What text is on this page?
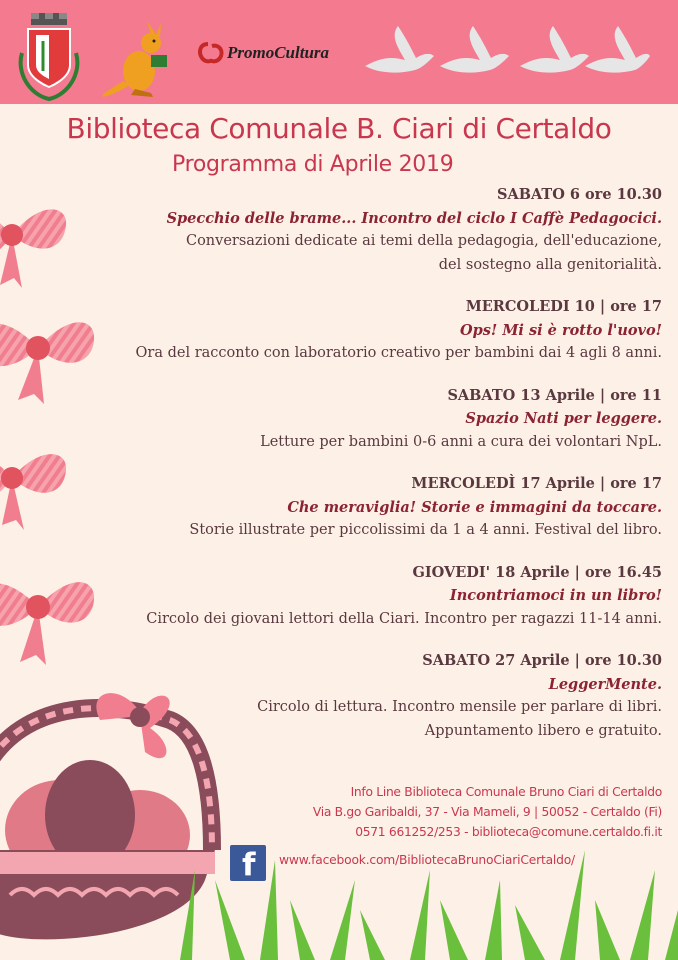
PromoCultura
Biblioteca Comunale B. Ciari di Certaldo
Programma di Aprile 2019
SABATO 6 ore 10.30
Specchio delle brame... Incontro del ciclo I Caffè Pedagocici.
Conversazioni dedicate ai temi della pedagogia, dell'educazione,
del sostegno alla genitorialità.
MERCOLEDI 10 | ore 17
Ops! Mi si è rotto l'uovo!
Ora del racconto con laboratorio creativo per bambini dai 4 agli 8 anni.
SABATO 13 Aprile | ore 11
Spazio Nati per leggere.
Letture per bambini 0-6 anni a cura dei volontari NpL.
MERCOLEDÌ 17 Aprile | ore 17
Che meraviglia! Storie e immagini da toccare.
Storie illustrate per piccolissimi da 1 a 4 anni. Festival del libro.
GIOVEDI' 18 Aprile | ore 16.45
Incontriamoci in un libro!
Circolo dei giovani lettori della Ciari. Incontro per ragazzi 11-14 anni.
SABATO 27 Aprile | ore 10.30
LeggerMente.
Circolo di lettura. Incontro mensile per parlare di libri.
Appuntamento libero e gratuito.
Info Line Biblioteca Comunale Bruno Ciari di Certaldo
Via B.go Garibaldi, 37 - Via Mameli, 9 | 50052 - Certaldo (Fi)
0571 661252/253 - biblioteca@comune.certaldo.fi.it
f www.facebook.com/BibliotecaBrunoCiariCertaldo/
